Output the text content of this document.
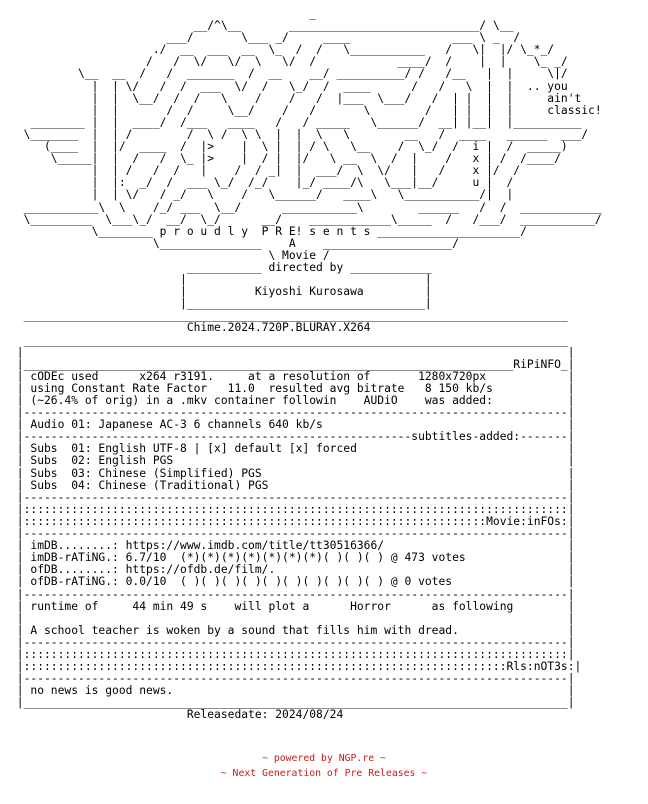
_
__/^\__       ____________________________/ \__
___/       \___ _/     ____               ___ \ _  /
./  __  ___  __  \_  /  /   \___________   /   \|  |/ \_*_/
/   /  \/   \/  \   \/  /            ____/  /    |  |    \_ _/
\__  __  /   /  _______  /  __    __/ __________/ /   /__   |  |     \|/
|  | \/   /  /  ___  \/  /   \_/  /  ____      /   /   \  |  |  .. you
|  |  \__/  /  /   \    /    /   /  |___  \___/   /  | |  |  |     ain't
|  |       /  /     \__/    /   /       \        /   | |  |  |     classic!
________ |  |  ____/  /___   ____   /   / _____   \______/  __| |__|  |__________
\_______  |  | /        /  \ /  \ \  |  |  \   \        __   /  ____   ______  ___/
(____  |  |/  ____  /  |>    |  \ |  | / \   \__    /  \_/  /  i |  /  _____)
\_____|  |  /   /  \_ |>    |  / |  |/   \ __  \  /  |    /   x | /  /____/
|  | /   /  /   |    /  / _|  |  ___/  \  \/   |   /    x |/  /
|  |:  _/  /  ___ \_/  /_/    |_/ ____/\   \___|__/     u |  /
|  | \/   / _/   \    /   \______/   ____\   \___________/|  |
___________\  \    /_/ ___  \__/      ___________\        ______   /  /  ____________
\_________  \___\_/  __/  \_/      __/    ____________\_____  /   /___/  ___________/
\________ p r o u d l y  P R E! s e n t s _____________________/
\_______________    A    ___________________/
\ Movie /
___________ directed by ____________
|                                   |
|          Kiyoshi Kurosawa         |
|___________________________________|
________________________________________________________________________________
Chime.2024.720P.BLURAY.X264
________________________________________________________________________________
|                                                                                |
|________________________________________________________________________RiPiNFO_|
| cODEc used      x264 r3191.     at a resolution of       1280x720px            |
| using Constant Rate Factor   11.0  resulted avg bitrate   8 150 kb/s           |
| (~26.4% of orig) in a .mkv container followin    AUDiO    was added:           |
|--------------------------------------------------------------------------------|
| Audio 01: Japanese AC-3 6 channels 640 kb/s                                    |
|---------------------------------------------------------subtitles-added:-------|
| Subs  01: English UTF-8 | [x] default [x] forced                               |
| Subs  02: English PGS                                                          |
| Subs  03: Chinese (Simplified) PGS                                             |
| Subs  04: Chinese (Traditional) PGS                                            |
|--------------------------------------------------------------------------------|
|::::::::::::::::::::::::::::::::::::::::::::::::::::::::::::::::::::::::::::::::|
|::::::::::::::::::::::::::::::::::::::::::::::::::::::::::::::::::::Movie:inFOs:|
|--------------------------------------------------------------------------------|
| imDB........: https://www.imdb.com/title/tt30516366/                           |
| imDB-rATiNG.: 6.7/10  (*)(*)(*)(*)(*)(*)(*)( )( )( ) @ 473 votes               |
| ofDB........: https://ofdb.de/film/.                                           |
| ofDB-rATiNG.: 0.0/10  ( )( )( )( )( )( )( )( )( )( ) @ 0 votes                 |
|--------------------------------------------------------------------------------|
| runtime of     44 min 49 s    will plot a      Horror      as following        |
|                                                                                |
| A school teacher is woken by a sound that fills him with dread.                |
|--------------------------------------------------------------------------------|
|::::::::::::::::::::::::::::::::::::::::::::::::::::::::::::::::::::::::::::::::|
|:::::::::::::::::::::::::::::::::::::::::::::::::::::::::::::::::::::::Rls:nOT3s:|
|--------------------------------------------------------------------------------|
| no news is good news.                                                          |
|________________________________________________________________________________|
Releasedate: 2024/08/24
~ powered by NGP.re ~
~ Next Generation of Pre Releases ~
